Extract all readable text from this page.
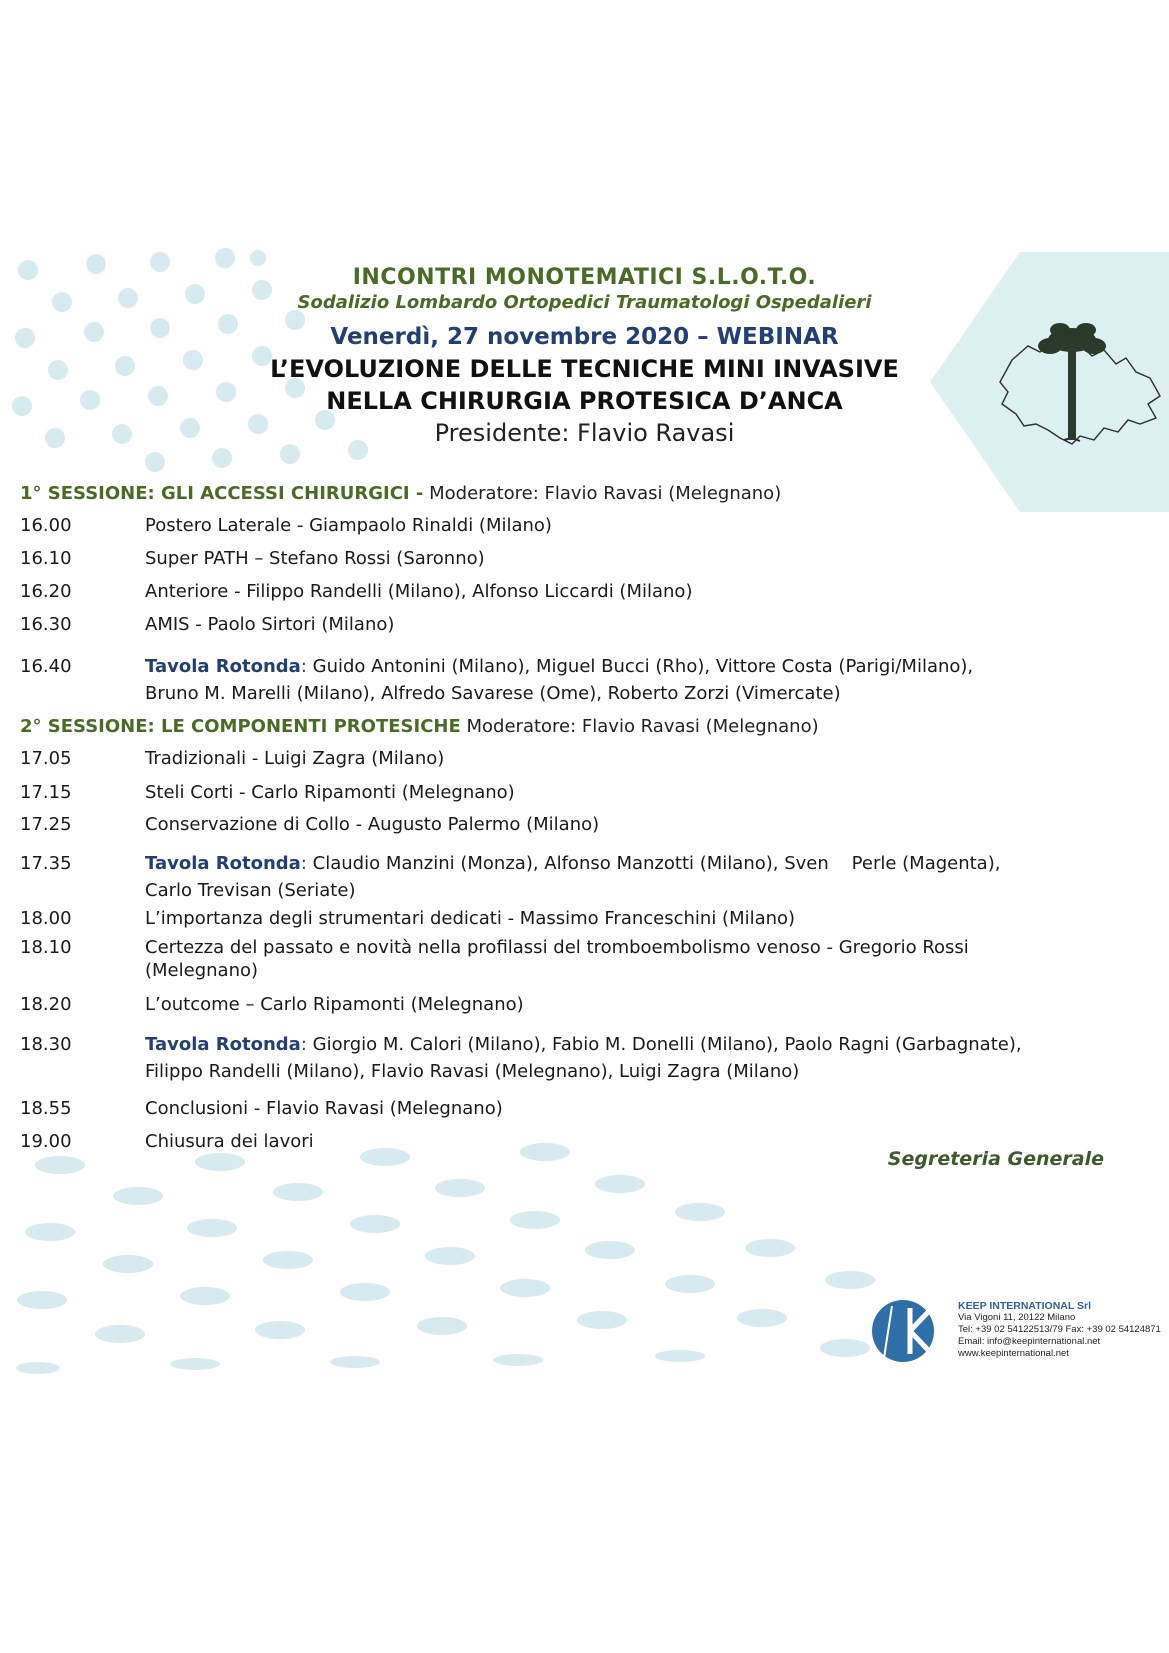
INCONTRI MONOTEMATICI S.L.O.T.O.
Sodalizio Lombardo Ortopedici Traumatologi Ospedalieri
Venerdì, 27 novembre 2020 – WEBINAR
L’EVOLUZIONE DELLE TECNICHE MINI INVASIVE
NELLA CHIRURGIA PROTESICA D’ANCA
Presidente: Flavio Ravasi
1° SESSIONE: GLI ACCESSI CHIRURGICI - Moderatore: Flavio Ravasi (Melegnano)
16.00	Postero Laterale - Giampaolo Rinaldi (Milano)
16.10	Super PATH – Stefano Rossi (Saronno)
16.20	Anteriore - Filippo Randelli (Milano), Alfonso Liccardi (Milano)
16.30	AMIS - Paolo Sirtori (Milano)
16.40	Tavola Rotonda: Guido Antonini (Milano), Miguel Bucci (Rho), Vittore Costa (Parigi/Milano),
Bruno M. Marelli (Milano), Alfredo Savarese (Ome), Roberto Zorzi (Vimercate)
2° SESSIONE: LE COMPONENTI PROTESICHE Moderatore: Flavio Ravasi (Melegnano)
17.05	Tradizionali - Luigi Zagra (Milano)
17.15	Steli Corti - Carlo Ripamonti (Melegnano)
17.25	Conservazione di Collo - Augusto Palermo (Milano)
17.35	Tavola Rotonda: Claudio Manzini (Monza), Alfonso Manzotti (Milano), Sven    Perle (Magenta),
Carlo Trevisan (Seriate)
18.00	L’importanza degli strumentari dedicati - Massimo Franceschini (Milano)
18.10	Certezza del passato e novità nella profilassi del tromboembolismo venoso - Gregorio Rossi
(Melegnano)
18.20	L’outcome – Carlo Ripamonti (Melegnano)
18.30	Tavola Rotonda: Giorgio M. Calori (Milano), Fabio M. Donelli (Milano), Paolo Ragni (Garbagnate),
Filippo Randelli (Milano), Flavio Ravasi (Melegnano), Luigi Zagra (Milano)
18.55	Conclusioni - Flavio Ravasi (Melegnano)
19.00	Chiusura dei lavori
Segreteria Generale
KEEP INTERNATIONAL Srl
Via Vigoni 11, 20122 Milano
Tel: +39 02 54122513/79 Fax: +39 02 54124871
Email: info@keepinternational.net
www.keepinternational.net
